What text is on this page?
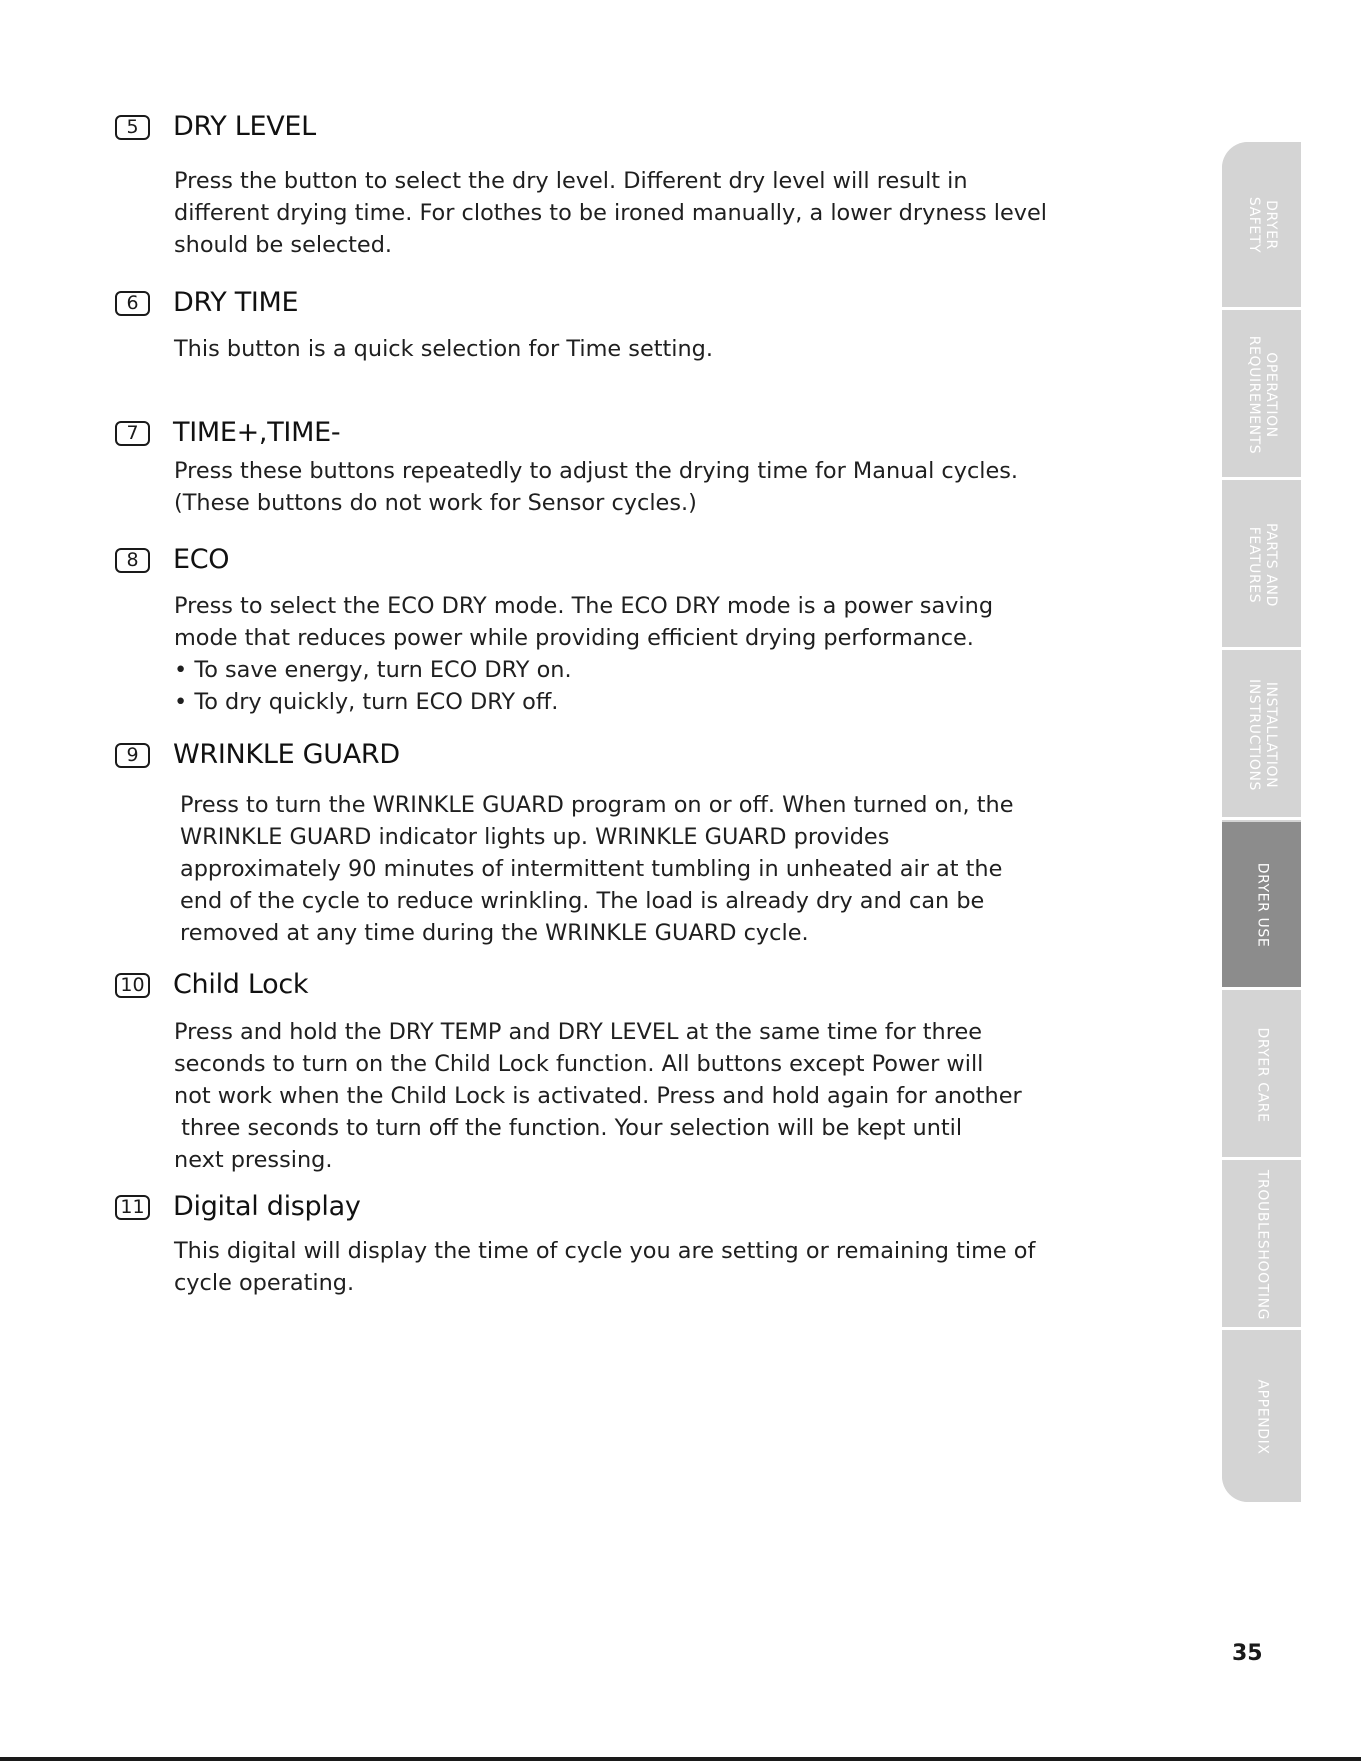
5	DRY LEVEL

Press the button to select the dry level. Different dry level will result in

different drying time. For clothes to be ironed manually, a lower dryness level

should be selected.

6	DRY TIME

This button is a quick selection for Time setting.

7	TIME+,TIME-

Press these buttons repeatedly to adjust the drying time for Manual cycles.

(These buttons do not work for Sensor cycles.)

8	ECO

Press to select the ECO DRY mode. The ECO DRY mode is a power saving

mode that reduces power while providing efficient drying performance.

• To save energy, turn ECO DRY on.

• To dry quickly, turn ECO DRY off.

9	WRINKLE GUARD

Press to turn the WRINKLE GUARD program on or off. When turned on, the

WRINKLE GUARD indicator lights up. WRINKLE GUARD provides

approximately 90 minutes of intermittent tumbling in unheated air at the

end of the cycle to reduce wrinkling. The load is already dry and can be

removed at any time during the WRINKLE GUARD cycle.

10 Child Lock

Press and hold the DRY TEMP and DRY LEVEL at the same time for three

seconds to turn on the Child Lock function. All buttons except Power will

not work when the Child Lock is activated. Press and hold again for another

three seconds to turn off the function. Your selection will be kept until

next pressing.

11 Digital display

This digital will display the time of cycle you are setting or remaining time of

cycle operating.

DRYER
SAFETY
OPERATION
REQUIREMENTS
PARTS AND
FEATURES
INSTALLATION
INSTRUCTIONS
DRYER USE
DRYER CARE
TROUBLESHOOTING
APPENDIX
35
